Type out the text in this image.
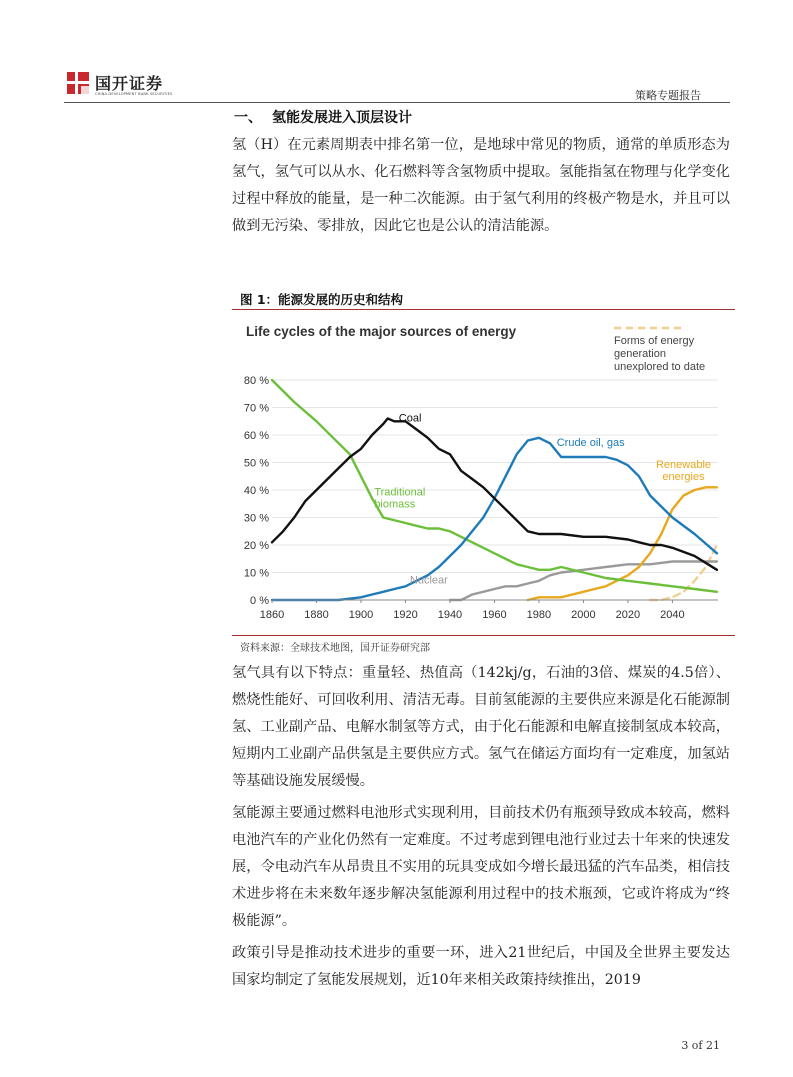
国开证券
CHINA DEVELOPMENT BANK SECURITIES	策略专题报告
一、 氢能发展进入顶层设计

氢（H）在元素周期表中排名第一位，是地球中常见的物质，通常的单质形态为氢气，氢气可以从水、化石燃料等含氢物质中提取。氢能指氢在物理与化学变化过程中释放的能量，是一种二次能源。由于氢气利用的终极产物是水，并且可以做到无污染、零排放，因此它也是公认的清洁能源。

图 1：能源发展的历史和结构
Life cycles of the major sources of energy
0 %
10 %
20 %
30 %
40 %
50 %
60 %
70 %
80 %
1860 1880 1900 1920 1940 1960 1980 2000 2020 2040
Traditional
biomass
Coal
Crude oil, gas
Nuclear
Renewable
energies
Forms of energy
generation
unexplored to date
资料来源：全球技术地图，国开证券研究部

氢气具有以下特点：重量轻、热值高（142kj/g，石油的3倍、煤炭的4.5倍）、燃烧性能好、可回收利用、清洁无毒。目前氢能源的主要供应来源是化石能源制氢、工业副产品、电解水制氢等方式，由于化石能源和电解直接制氢成本较高，短期内工业副产品供氢是主要供应方式。氢气在储运方面均有一定难度，加氢站等基础设施发展缓慢。

氢能源主要通过燃料电池形式实现利用，目前技术仍有瓶颈导致成本较高，燃料电池汽车的产业化仍然有一定难度。不过考虑到锂电池行业过去十年来的快速发展，令电动汽车从昂贵且不实用的玩具变成如今增长最迅猛的汽车品类，相信技术进步将在未来数年逐步解决氢能源利用过程中的技术瓶颈，它或许将成为“终极能源”。

政策引导是推动技术进步的重要一环，进入21世纪后，中国及全世界主要发达国家均制定了氢能发展规划，近10年来相关政策持续推出，2019

3 of 21
